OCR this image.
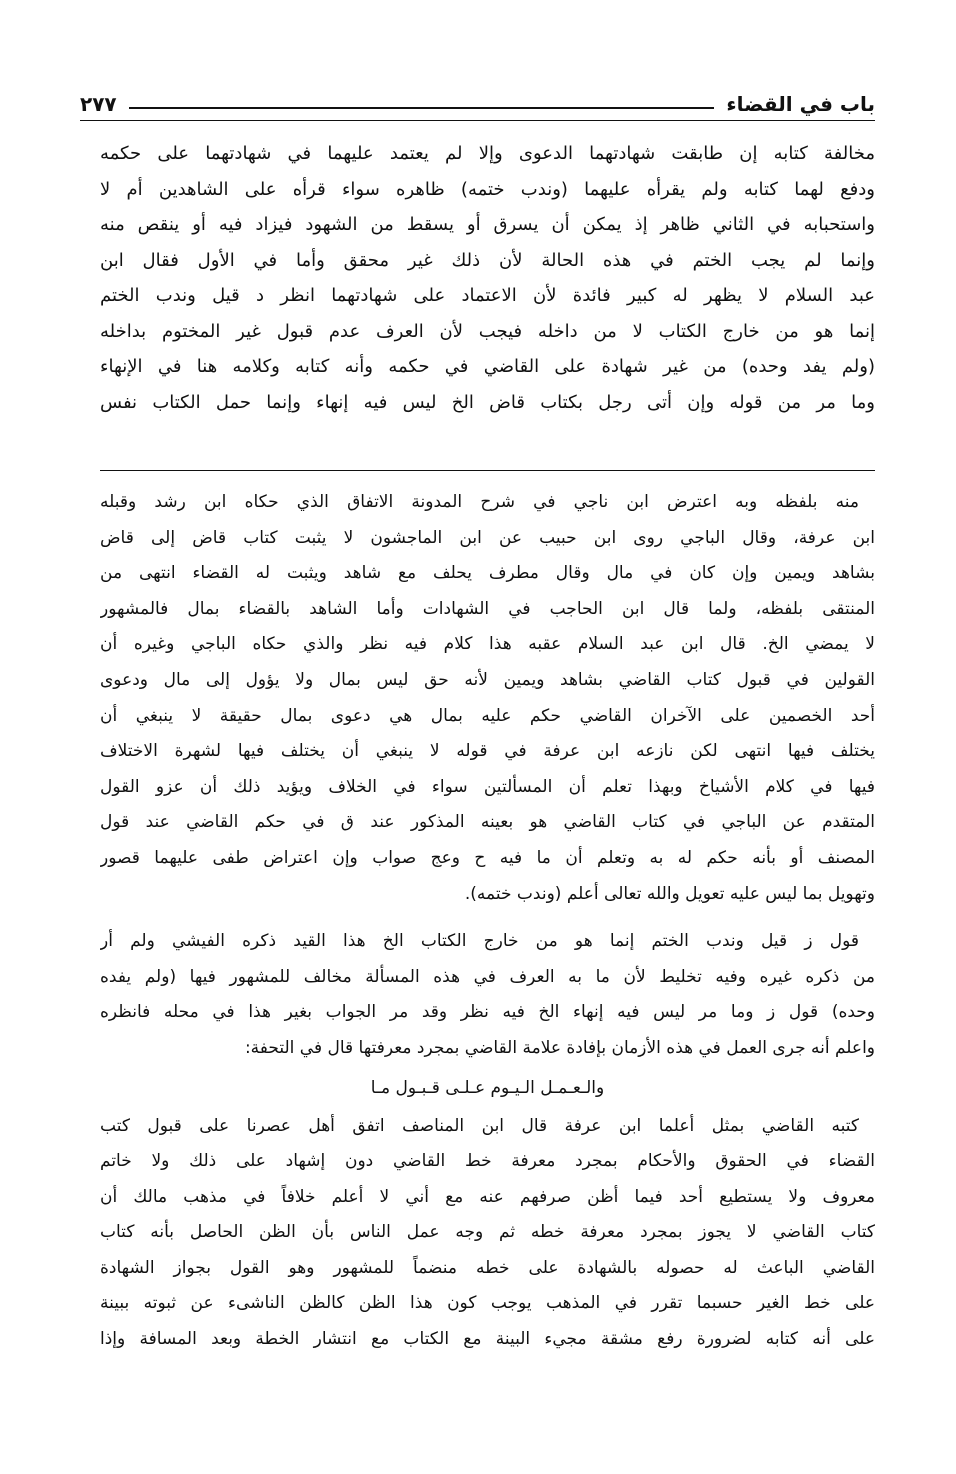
باب في القضاء
٢٧٧
مخالفة كتابه إن طابقت شهادتهما الدعوى وإلا لم يعتمد عليهما في شهادتهما على حكمه
ودفع لهما كتابه ولم يقرأه عليهما (وندب ختمه) ظاهره سواء قرأه على الشاهدين أم لا
واستحبابه في الثاني ظاهر إذ يمكن أن يسرق أو يسقط من الشهود فيزاد فيه أو ينقص منه
وإنما لم يجب الختم في هذه الحالة لأن ذلك غير محقق وأما في الأول فقال ابن
عبد السلام لا يظهر له كبير فائدة لأن الاعتماد على شهادتهما انظر د قيل وندب الختم
إنما هو من خارج الكتاب لا من داخله فيجب لأن العرف عدم قبول غير المختوم بداخله
(ولم يفد وحده) من غير شهادة على القاضي في حكمه وأنه كتابه وكلامه هنا في الإنهاء
وما مر من قوله وإن أتى رجل بكتاب قاض الخ ليس فيه إنهاء وإنما حمل الكتاب نفس
منه بلفظه وبه اعترض ابن ناجي في شرح المدونة الاتفاق الذي حكاه ابن رشد وقبله
ابن عرفة، وقال الباجي روى ابن حبيب عن ابن الماجشون لا يثبت كتاب قاض إلى قاض
بشاهد ويمين وإن كان في مال وقال مطرف يحلف مع شاهد ويثبت له القضاء انتهى من
المنتقى بلفظه، ولما قال ابن الحاجب في الشهادات وأما الشاهد بالقضاء بمال فالمشهور
لا يمضي الخ. قال ابن عبد السلام عقبه هذا كلام فيه نظر والذي حكاه الباجي وغيره أن
القولين في قبول كتاب القاضي بشاهد ويمين لأنه حق ليس بمال ولا يؤول إلى مال ودعوى
أحد الخصمين على الآخران القاضي حكم عليه بمال هي دعوى بمال حقيقة لا ينبغي أن
يختلف فيها انتهى لكن نازعه ابن عرفة في قوله لا ينبغي أن يختلف فيها لشهرة الاختلاف
فيها في كلام الأشياخ وبهذا تعلم أن المسألتين سواء في الخلاف ويؤيد ذلك أن عزو القول
المتقدم عن الباجي في كتاب القاضي هو بعينه المذكور عند ق في حكم القاضي عند قول
المصنف أو بأنه حكم له به وتعلم أن ما فيه ح وعج صواب وإن اعتراض طفى عليهما قصور
وتهويل بما ليس عليه تعويل والله تعالى أعلم (وندب ختمه).
قول ز قيل وندب الختم إنما هو من خارج الكتاب الخ هذا القيد ذكره الفيشي ولم أر
من ذكره غيره وفيه تخليط لأن ما به العرف في هذه المسألة مخالف للمشهور فيها (ولم يفده
وحده) قول ز وما مر ليس فيه إنهاء الخ فيه نظر وقد مر الجواب بغير هذا في محله فانظره
واعلم أنه جرى العمل في هذه الأزمان بإفادة علامة القاضي بمجرد معرفتها قال في التحفة:
والـعـمـل الـيـوم عـلـى قـبـول مـا
كتبه القاضي بمثل أعلما ابن عرفة قال ابن المناصف اتفق أهل عصرنا على قبول كتب
القضاء في الحقوق والأحكام بمجرد معرفة خط القاضي دون إشهاد على ذلك ولا خاتم
معروف ولا يستطيع أحد فيما أظن صرفهم عنه مع أني لا أعلم خلافاً في مذهب مالك أن
كتاب القاضي لا يجوز بمجرد معرفة خطه ثم وجه عمل الناس بأن الظن الحاصل بأنه كتاب
القاضي الباعث له حصوله بالشهادة على خطه منضماً للمشهور وهو القول بجواز الشهادة
على خط الغير حسبما تقرر في المذهب يوجب كون هذا الظن كالظن الناشىء عن ثبوته ببينة
على أنه كتابه لضرورة رفع مشقة مجيء البينة مع الكتاب مع انتشار الخطة وبعد المسافة وإذا
